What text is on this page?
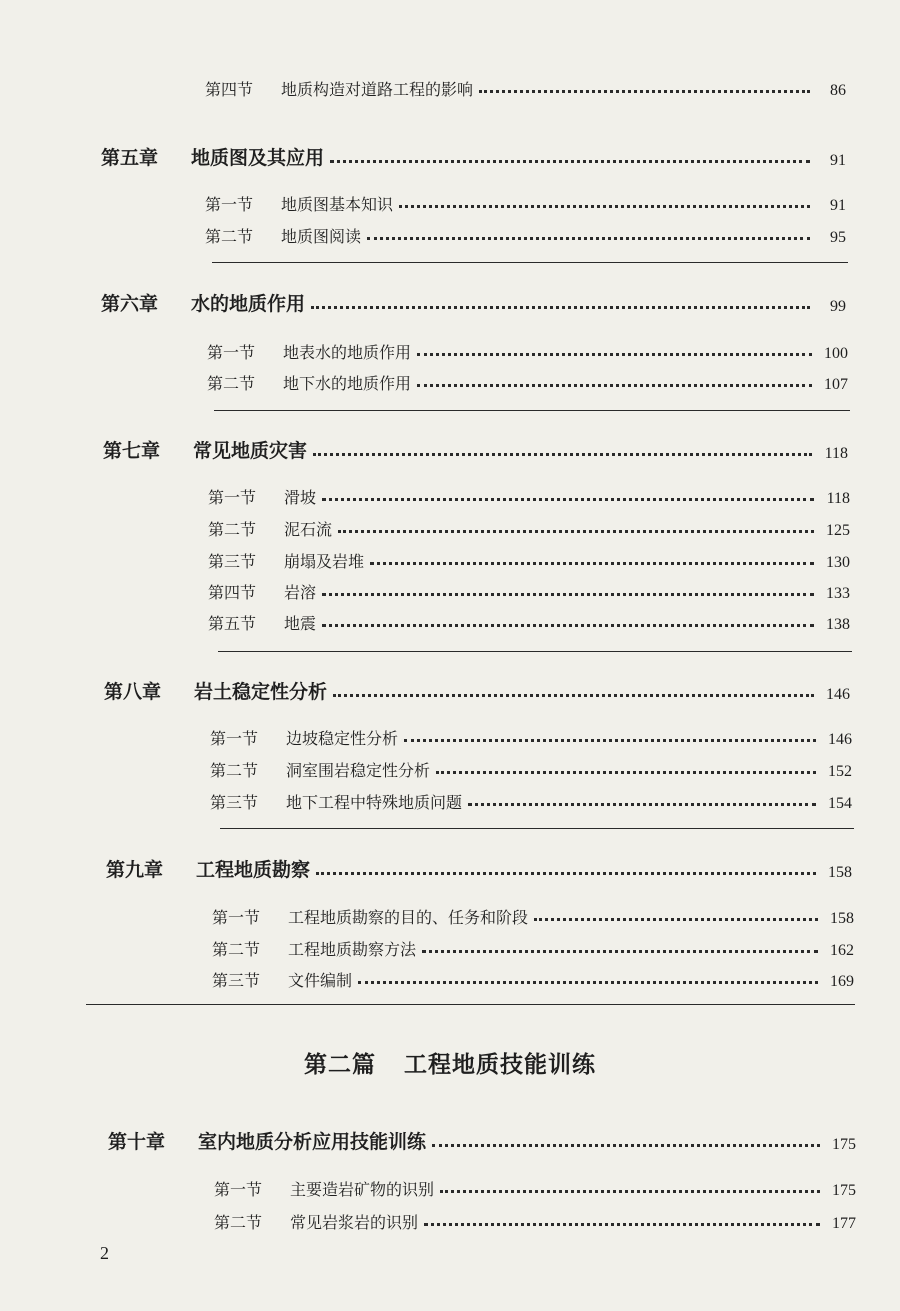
第四节	地质构造对道路工程的影响	86
第五章	地质图及其应用	91
第一节	地质图基本知识	91
第二节	地质图阅读	95
第六章	水的地质作用	99
第一节	地表水的地质作用	100
第二节	地下水的地质作用	107
第七章	常见地质灾害	118
第一节	滑坡	118
第二节	泥石流	125
第三节	崩塌及岩堆	130
第四节	岩溶	133
第五节	地震	138
第八章	岩土稳定性分析	146
第一节	边坡稳定性分析	146
第二节	洞室围岩稳定性分析	152
第三节	地下工程中特殊地质问题	154
第九章	工程地质勘察	158
第一节	工程地质勘察的目的、任务和阶段	158
第二节	工程地质勘察方法	162
第三节	文件编制	169
第二篇 工程地质技能训练
第十章	室内地质分析应用技能训练	175
第一节	主要造岩矿物的识别	175
第二节	常见岩浆岩的识别	177
2
